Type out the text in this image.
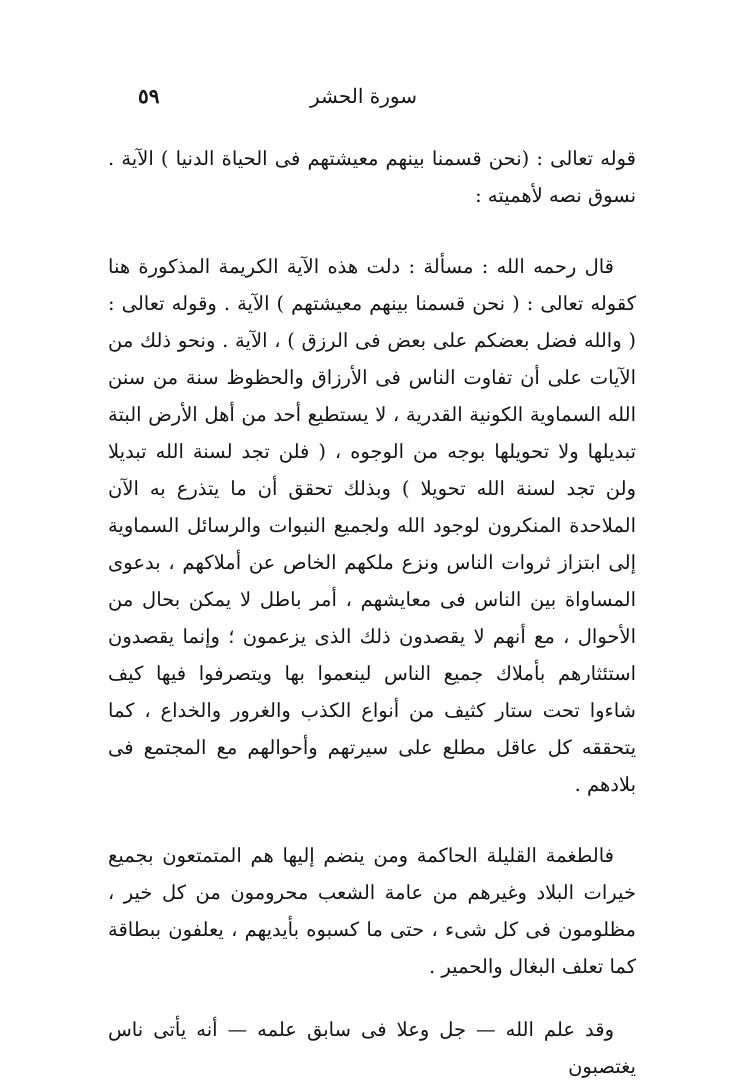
٥٩	سورة الحشر

قوله تعالى : (نحن قسمنا بينهم معيشتهم فى الحياة الدنيا ) الآية . نسوق نصه لأهميته :

قال رحمه الله : مسألة : دلت هذه الآية الكريمة المذكورة هنا كقوله تعالى : ( نحن قسمنا بينهم معيشتهم ) الآية . وقوله تعالى : ( والله فضل بعضكم على بعض فى الرزق ) ، الآية . ونحو ذلك من الآيات على أن تفاوت الناس فى الأرزاق والحظوظ سنة من سنن الله السماوية الكونية القدرية ، لا يستطيع أحد من أهل الأرض البتة تبديلها ولا تحويلها بوجه من الوجوه ، ( فلن تجد لسنة الله تبديلا ولن تجد لسنة الله تحويلا ) وبذلك تحقق أن ما يتذرع به الآن الملاحدة المنكرون لوجود الله ولجميع النبوات والرسائل السماوية إلى ابتزاز ثروات الناس ونزع ملكهم الخاص عن أملاكهم ، بدعوى المساواة بين الناس فى معايشهم ، أمر باطل لا يمكن بحال من الأحوال ، مع أنهم لا يقصدون ذلك الذى يزعمون ؛ وإنما يقصدون استئثارهم بأملاك جميع الناس لينعموا بها ويتصرفوا فيها كيف شاءوا تحت ستار كثيف من أنواع الكذب والغرور والخداع ، كما يتحققه كل عاقل مطلع على سيرتهم وأحوالهم مع المجتمع فى بلادهم .

فالطغمة القليلة الحاكمة ومن ينضم إليها هم المتمتعون بجميع خيرات البلاد وغيرهم من عامة الشعب محرومون من كل خير ، مظلومون فى كل شىء ، حتى ما كسبوه بأيديهم ، يعلفون ببطاقة كما تعلف البغال والحمير .

وقد علم الله — جل وعلا فى سابق علمه — أنه يأتى ناس يغتصبون
